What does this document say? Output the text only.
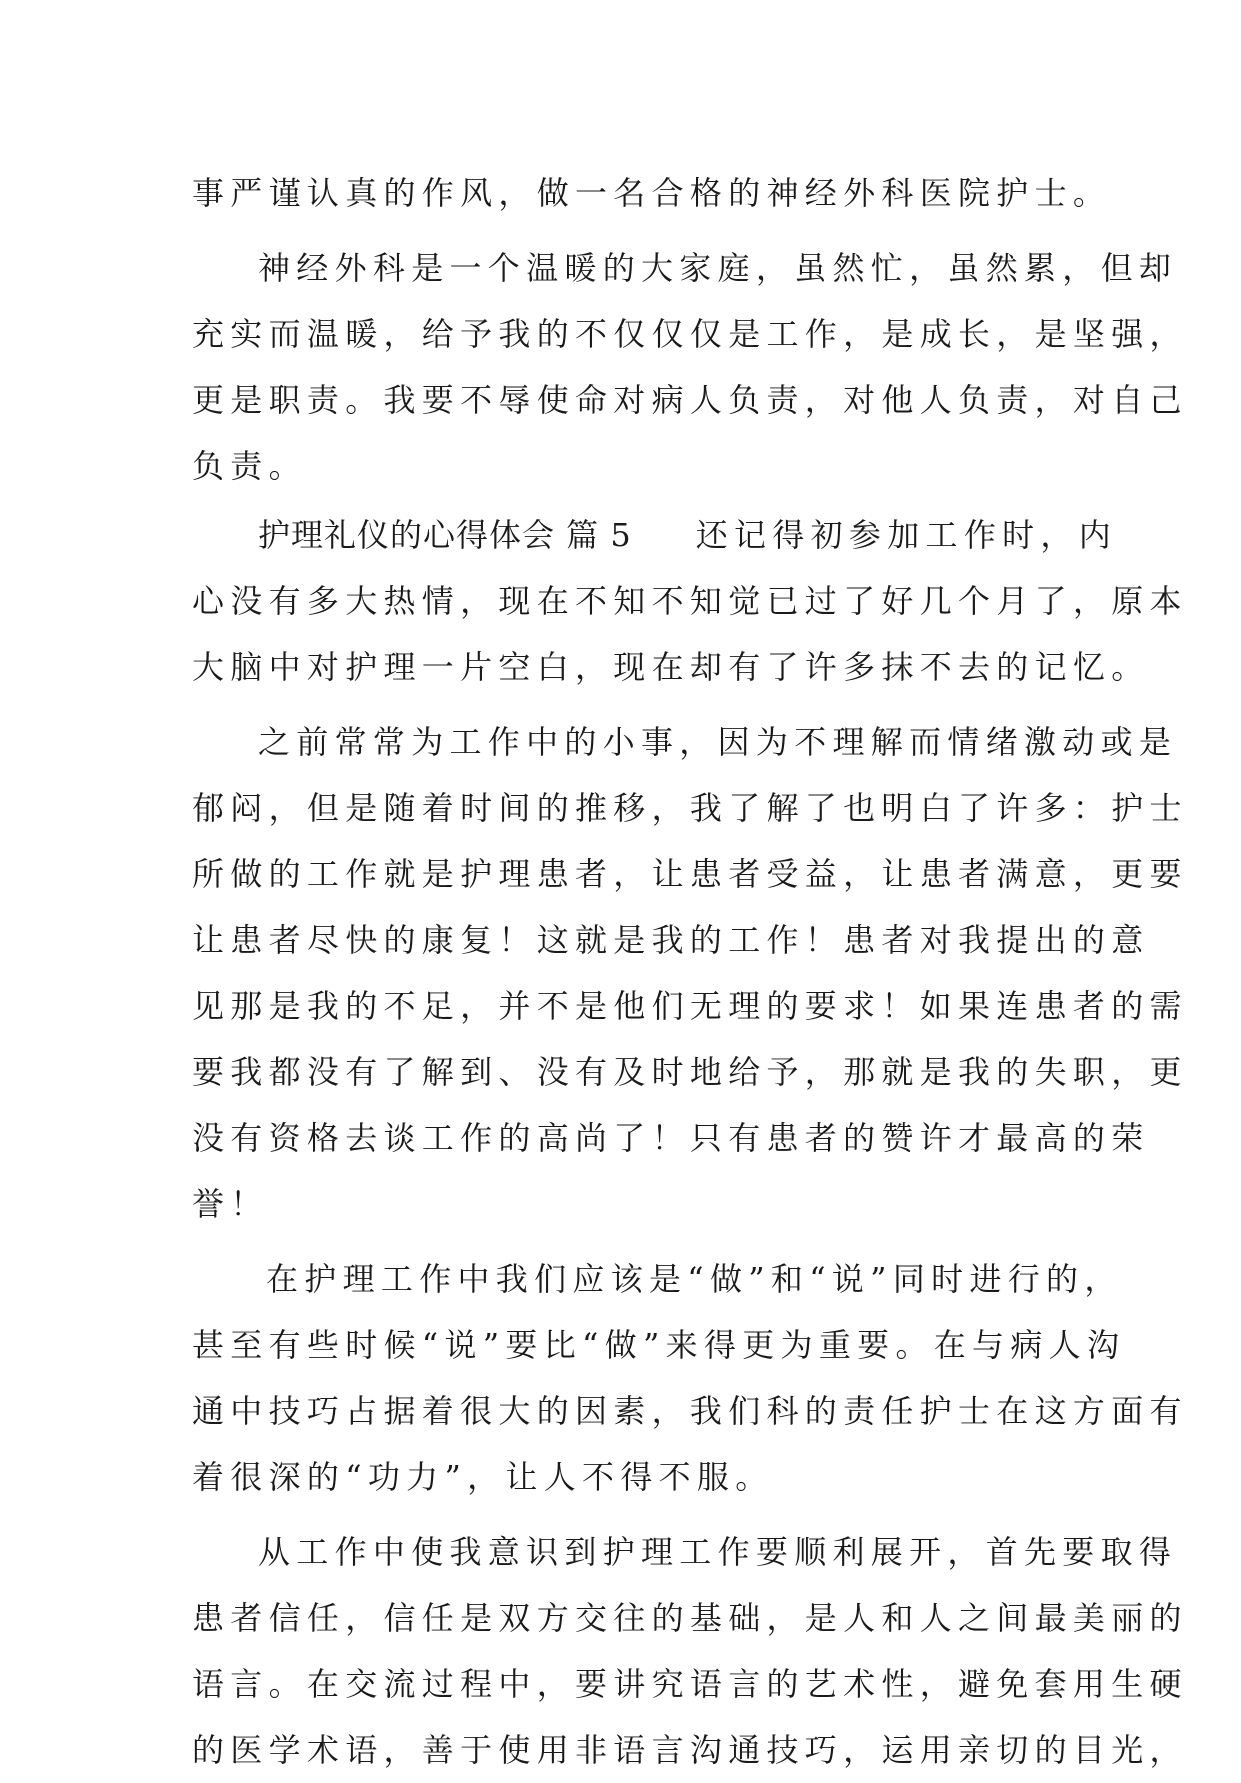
事严谨认真的作风，做一名合格的神经外科医院护士。
神经外科是一个温暖的大家庭，虽然忙，虽然累，但却
充实而温暖，给予我的不仅仅仅是工作，是成长，是坚强，
更是职责。我要不辱使命对病人负责，对他人负责，对自己
负责。
护理礼仪的心得体会 篇 5 还记得初参加工作时，内
心没有多大热情，现在不知不知觉已过了好几个月了，原本
大脑中对护理一片空白，现在却有了许多抹不去的记忆。
之前常常为工作中的小事，因为不理解而情绪激动或是
郁闷，但是随着时间的推移，我了解了也明白了许多：护士
所做的工作就是护理患者，让患者受益，让患者满意，更要
让患者尽快的康复！这就是我的工作！患者对我提出的意
见那是我的不足，并不是他们无理的要求！如果连患者的需
要我都没有了解到、没有及时地给予，那就是我的失职，更
没有资格去谈工作的高尚了！只有患者的赞许才最高的荣
誉！
在护理工作中我们应该是“做”和“说”同时进行的，
甚至有些时候“说”要比“做”来得更为重要。在与病人沟
通中技巧占据着很大的因素，我们科的责任护士在这方面有
着很深的“功力”，让人不得不服。
从工作中使我意识到护理工作要顺利展开，首先要取得
患者信任，信任是双方交往的基础，是人和人之间最美丽的
语言。在交流过程中，要讲究语言的艺术性，避免套用生硬
的医学术语，善于使用非语言沟通技巧，运用亲切的目光，
